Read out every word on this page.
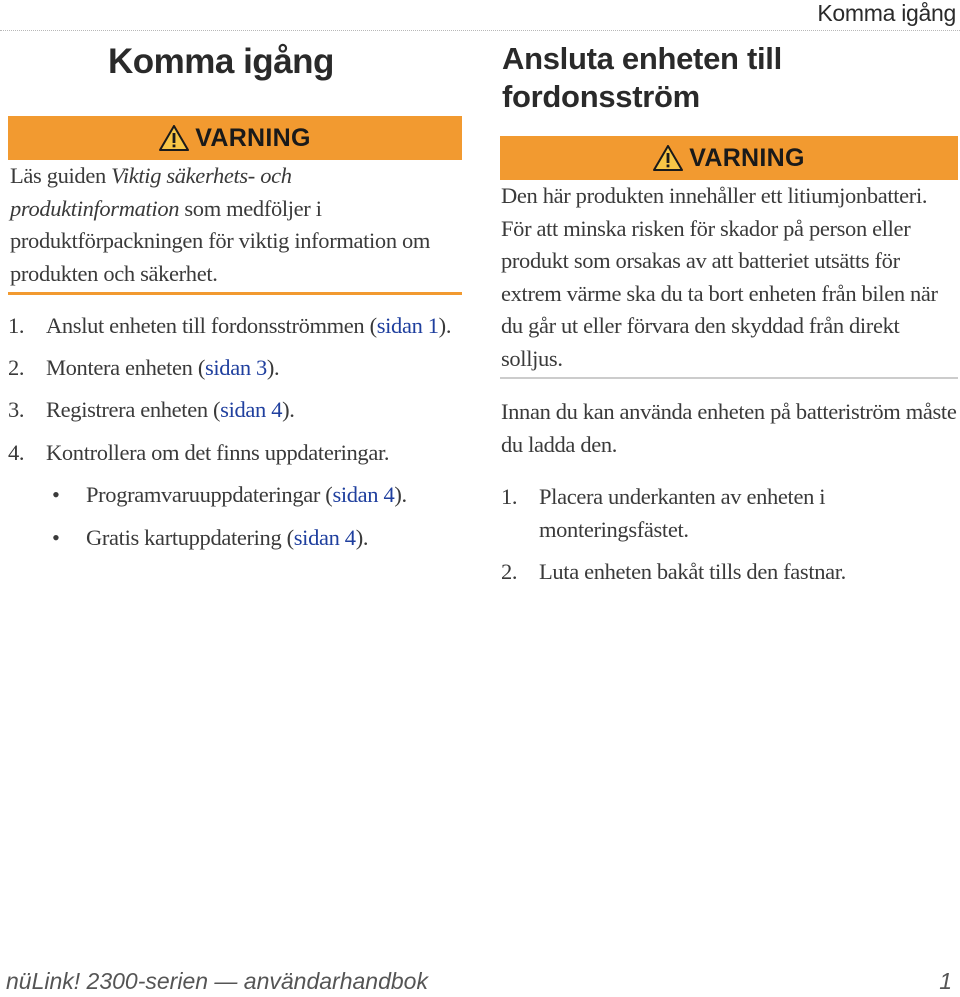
Komma igång
Komma igång
VARNING
Läs guiden Viktig säkerhets- och produktinformation som medföljer i produktförpackningen för viktig information om produkten och säkerhet.
1. Anslut enheten till fordonsströmmen (sidan 1).
2. Montera enheten (sidan 3).
3. Registrera enheten (sidan 4).
4. Kontrollera om det finns uppdateringar.
• Programvaruuppdateringar (sidan 4).
• Gratis kartuppdatering (sidan 4).
Ansluta enheten till fordonsström
VARNING
Den här produkten innehåller ett litiumjonbatteri. För att minska risken för skador på person eller produkt som orsakas av att batteriet utsätts för extrem värme ska du ta bort enheten från bilen när du går ut eller förvara den skyddad från direkt solljus.
Innan du kan använda enheten på batteriström måste du ladda den.
1. Placera underkanten av enheten i monteringsfästet.
2. Luta enheten bakåt tills den fastnar.
nüLink! 2300-serien — användarhandbok	1
